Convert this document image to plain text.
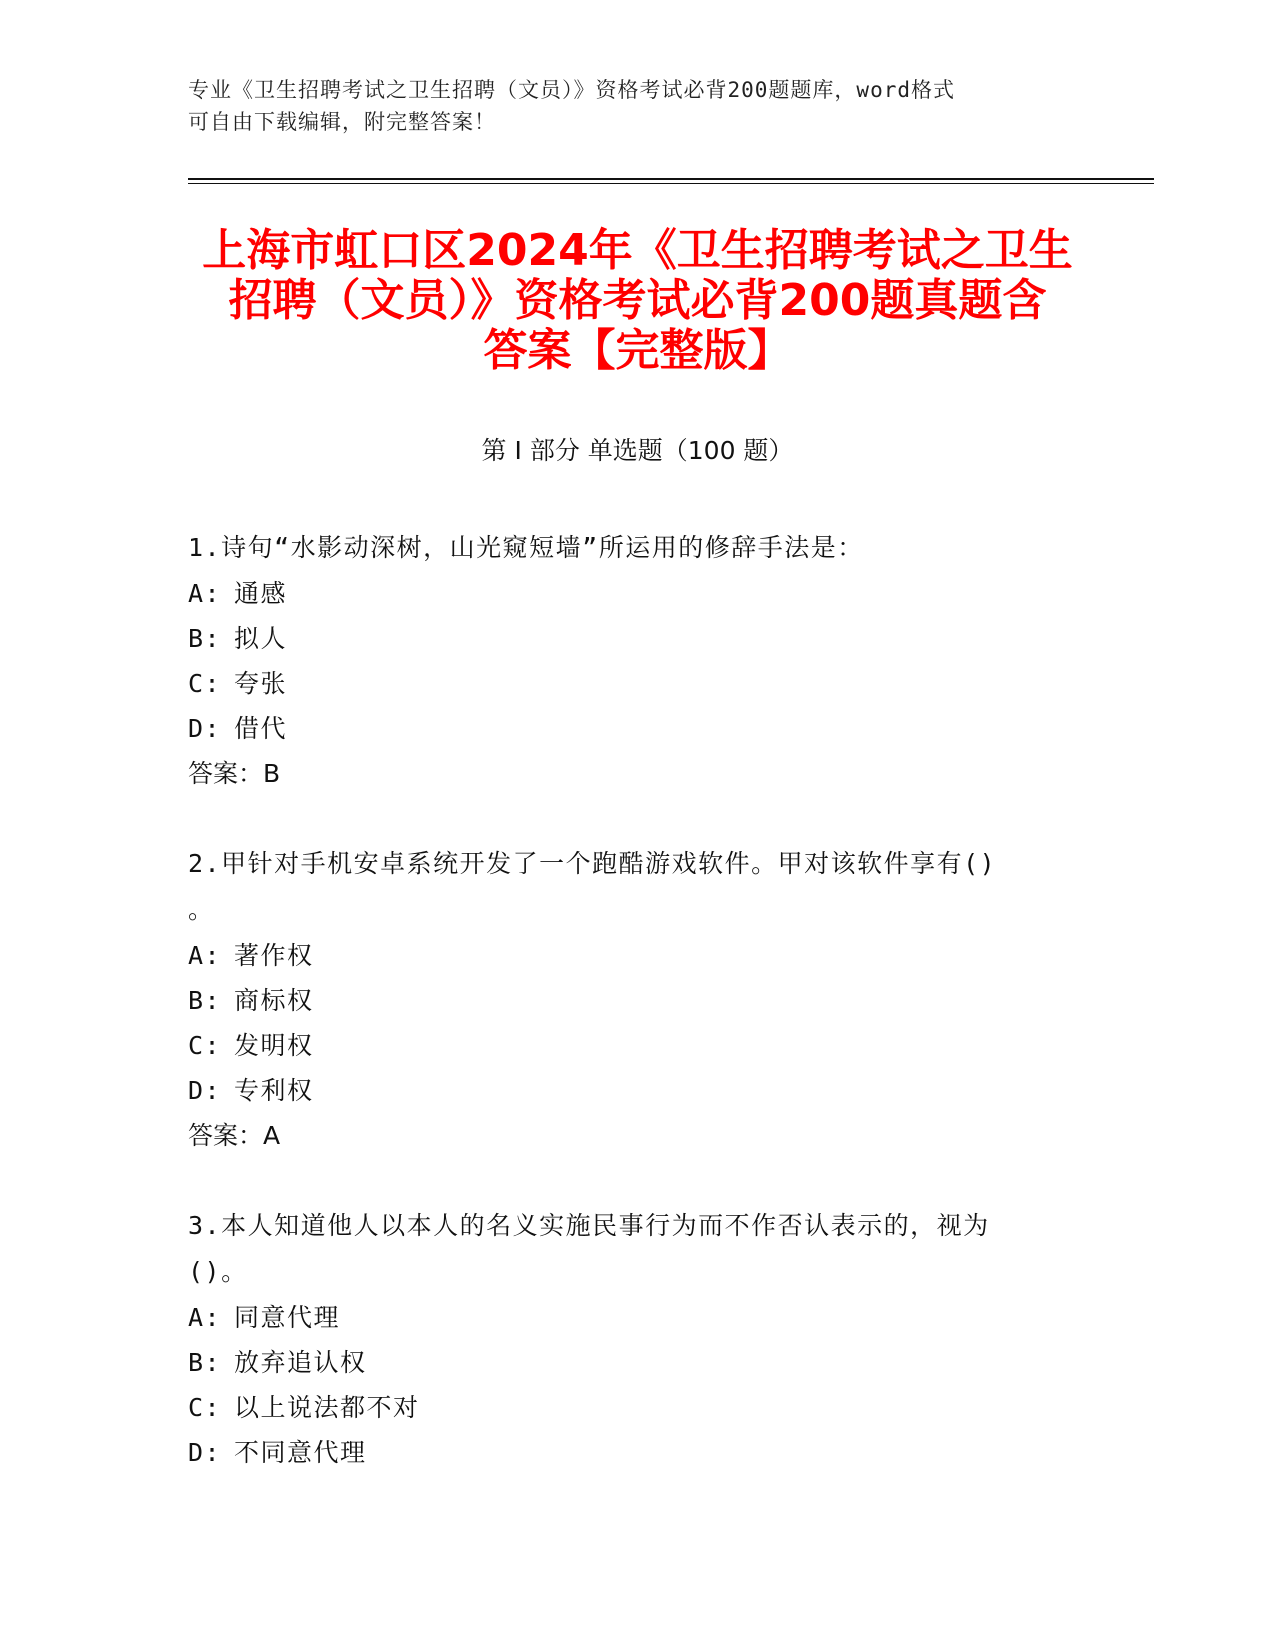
专业《卫生招聘考试之卫生招聘（文员）》资格考试必背200题题库，word格式
可自由下载编辑，附完整答案！
上海市虹口区2024年《卫生招聘考试之卫生
招聘（文员）》资格考试必背200题真题含
答案【完整版】
第 I 部分 单选题（100 题）
1.诗句“水影动深树，山光窥短墙”所运用的修辞手法是：
A: 通感
B: 拟人
C: 夸张
D: 借代
答案：B
2.甲针对手机安卓系统开发了一个跑酷游戏软件。甲对该软件享有()
。
A: 著作权
B: 商标权
C: 发明权
D: 专利权
答案：A
3.本人知道他人以本人的名义实施民事行为而不作否认表示的，视为
()。
A: 同意代理
B: 放弃追认权
C: 以上说法都不对
D: 不同意代理
